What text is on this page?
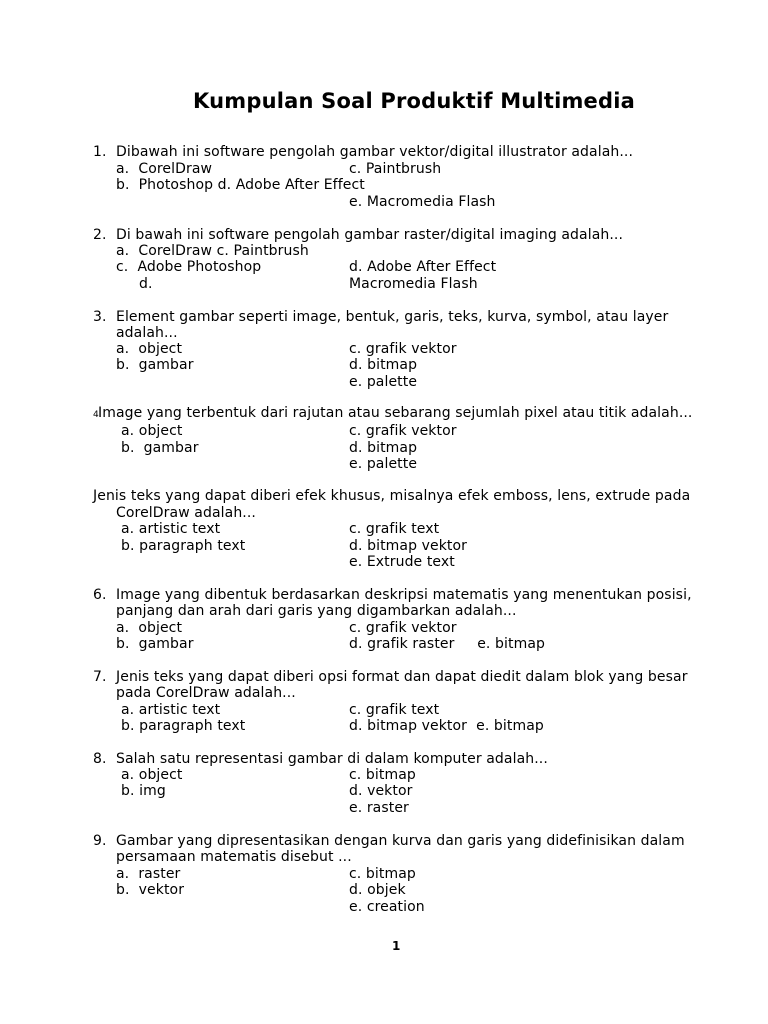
Kumpulan Soal Produktif Multimedia
1. Dibawah ini software pengolah gambar vektor/digital illustrator adalah...
a.  CorelDraw	c. Paintbrush
b.  Photoshop d. Adobe After Effect
e. Macromedia Flash
2. Di bawah ini software pengolah gambar raster/digital imaging adalah...
a.  CorelDraw c. Paintbrush
c.  Adobe Photoshop	d. Adobe After Effect
d.	Macromedia Flash
3. Element gambar seperti image, bentuk, garis, teks, kurva, symbol, atau layer
adalah...
a.  object	c. grafik vektor
b.  gambar	d. bitmap
e. palette
4 Image yang terbentuk dari rajutan atau sebarang sejumlah pixel atau titik adalah...
a. object	c. grafik vektor
b.  gambar	d. bitmap
e. palette
Jenis teks yang dapat diberi efek khusus, misalnya efek emboss, lens, extrude pada
CorelDraw adalah...
a. artistic text	c. grafik text
b. paragraph text	d. bitmap vektor
e. Extrude text
6. Image yang dibentuk berdasarkan deskripsi matematis yang menentukan posisi,
panjang dan arah dari garis yang digambarkan adalah...
a.  object	c. grafik vektor
b.  gambar	d. grafik raster     e. bitmap
7. Jenis teks yang dapat diberi opsi format dan dapat diedit dalam blok yang besar
pada CorelDraw adalah...
a. artistic text	c. grafik text
b. paragraph text	d. bitmap vektor  e. bitmap
8. Salah satu representasi gambar di dalam komputer adalah...
a. object	c. bitmap
b. img	d. vektor
e. raster
9. Gambar yang dipresentasikan dengan kurva dan garis yang didefinisikan dalam
persamaan matematis disebut ...
a.  raster	c. bitmap
b.  vektor	d. objek
e. creation
1
